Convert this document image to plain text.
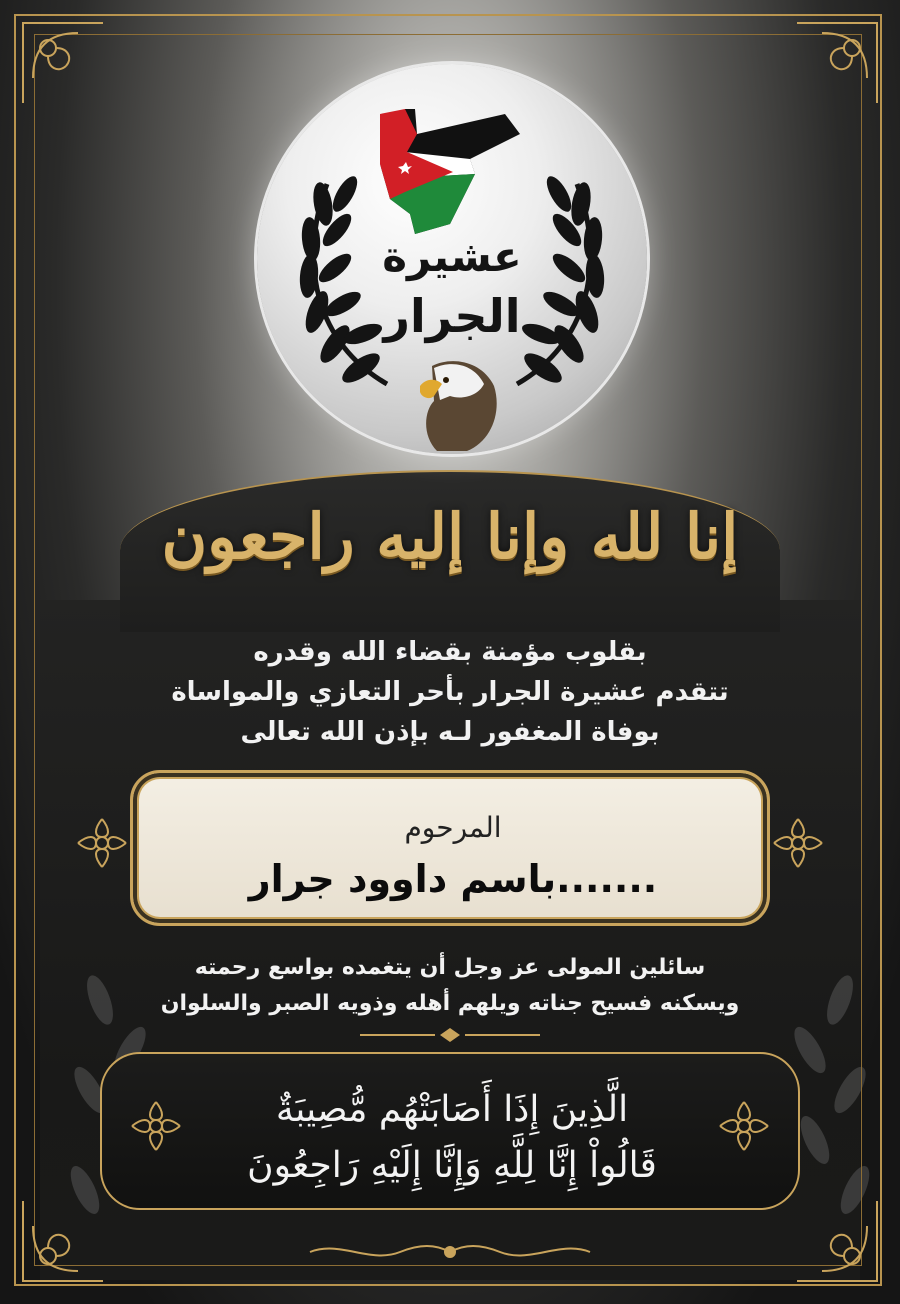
عشيرة
الجرار
إنا لله وإنا إليه راجعون
بقلوب مؤمنة بقضاء الله وقدره
تتقدم عشيرة الجرار بأحر التعازي والمواساة
بوفاة المغفور لـه بإذن الله تعالى
المرحوم
.......باسم داوود جرار
سائلين المولى عز وجل أن يتغمده بواسع رحمته
ويسكنه فسيح جناته ويلهم أهله وذويه الصبر والسلوان
الَّذِينَ إِذَا أَصَابَتْهُم مُّصِيبَةٌ
قَالُواْ إِنَّا لِلَّهِ وَإِنَّا إِلَيْهِ رَاجِعُونَ
